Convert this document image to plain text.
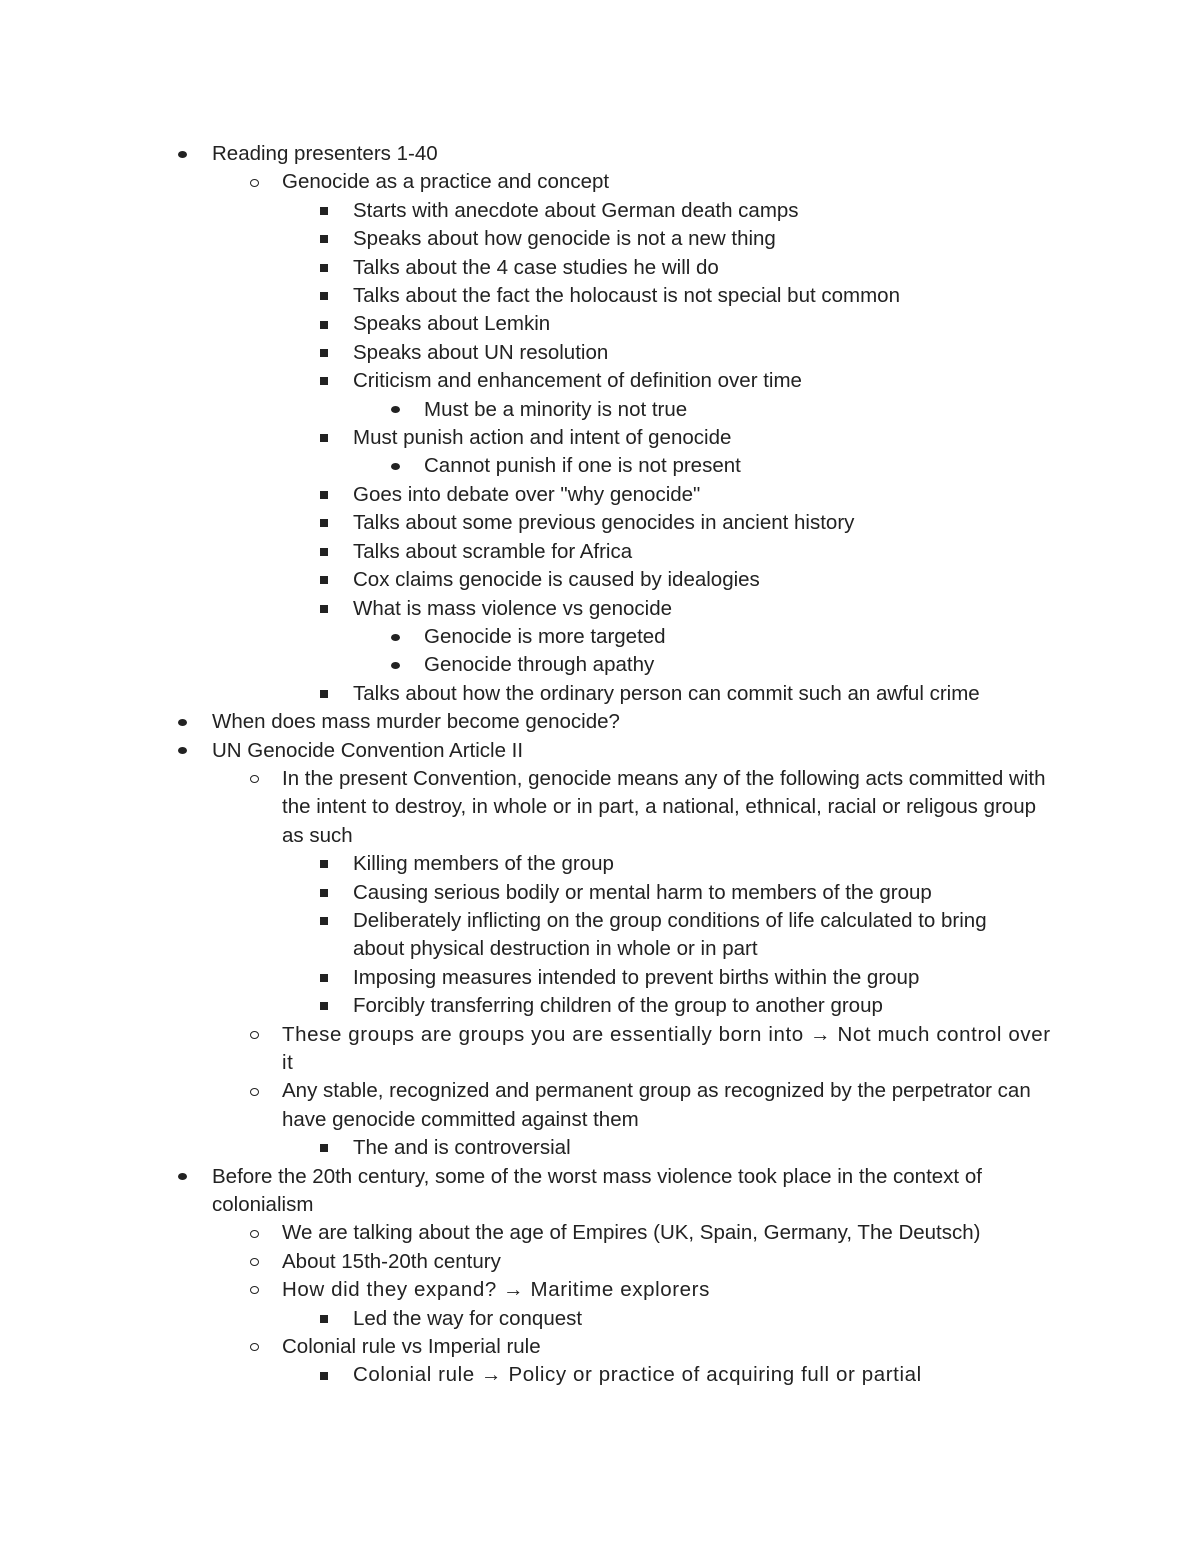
Reading presenters 1-40
Genocide as a practice and concept
Starts with anecdote about German death camps
Speaks about how genocide is not a new thing
Talks about the 4 case studies he will do
Talks about the fact the holocaust is not special but common
Speaks about Lemkin
Speaks about UN resolution
Criticism and enhancement of definition over time
Must be a minority is not true
Must punish action and intent of genocide
Cannot punish if one is not present
Goes into debate over "why genocide"
Talks about some previous genocides in ancient history
Talks about scramble for Africa
Cox claims genocide is caused by idealogies
What is mass violence vs genocide
Genocide is more targeted
Genocide through apathy
Talks about how the ordinary person can commit such an awful crime
When does mass murder become genocide?
UN Genocide Convention Article II
In the present Convention, genocide means any of the following acts committed with the intent to destroy, in whole or in part, a national, ethnical, racial or religous group as such
Killing members of the group
Causing serious bodily or mental harm to members of the group
Deliberately inflicting on the group conditions of life calculated to bring about physical destruction in whole or in part
Imposing measures intended to prevent births within the group
Forcibly transferring children of the group to another group
These groups are groups you are essentially born into → Not much control over it
Any stable, recognized and permanent group as recognized by the perpetrator can have genocide committed against them
The and is controversial
Before the 20th century, some of the worst mass violence took place in the context of colonialism
We are talking about the age of Empires (UK, Spain, Germany, The Deutsch)
About 15th-20th century
How did they expand? → Maritime explorers
Led the way for conquest
Colonial rule vs Imperial rule
Colonial rule → Policy or practice of acquiring full or partial
